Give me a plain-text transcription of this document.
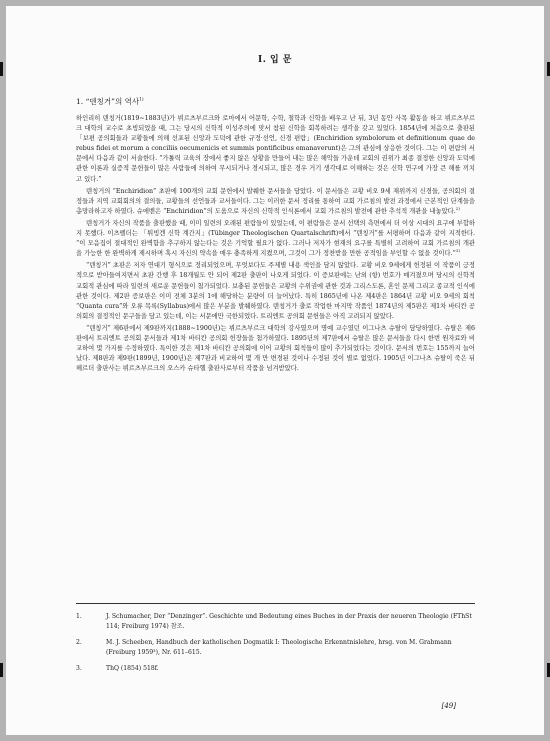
I. 입 문
1. “덴칭거”의 역사$^{1)}$

하인리히 덴칭거(1819~1883년)가 뷔르츠부르크와 로마에서 어문학, 수학, 철학과 신학을 배우고 난 뒤, 3년 동안 사목 활동을 하고 뷔르츠부르크 대학의 교수로 초빙되었을 때, 그는 당시의 신학적 이성주의에 맞서 참된 신학을 회복하려는 생각을 갖고 있었다. 1854년에 처음으로 출판된 「보편 공의회들과 교황들에 의해 선포된 신앙과 도덕에 관한 규정·선언, 신경 편람」(Enchiridion symbolorum et definitionum quae de rebus fidei et morum a conciliis oecumenicis et summis pontificibus emanaverunt)은 그의 관심에 상응한 것이다. 그는 이 편람의 서문에서 다음과 같이 서술한다. “가톨릭 교육의 장에서 좋지 않은 상황을 만들어 내는 많은 해악들 가운데 교회의 권위가 최종 결정한 신앙과 도덕에 관한 이론과 실증적 문헌들이 많은 사람들에 의하여 무시되거나 경시되고, 많은 경우 거기 생각대로 이해하는 것은 신학 연구에 가장 큰 해를 끼치고 있다.”

덴칭거의 “Enchiridion” 초판에 100개의 교회 문헌에서 발췌한 문서들을 담았다. 이 문서들은 교황 비오 9세 재위까지 신경들, 공의회의 결정들과 지역 교회회의의 결의들, 교황들의 선언들과 교서들이다. 그는 이러한 문서 정리를 통하여 교회 가르침의 발전 과정에서 근본적인 단계들을 총망라하고자 하였다. 슈에벤은 “Enchiridion”의 도움으로 자신의 신학적 인식론에서 교회 가르침의 발전에 관한 추석적 개관을 내놓았다.$^{2)}$

덴칭거가 자신의 작품을 출판했을 때, 이미 일련의 오래된 편람들이 있었는데, 이 편람들은 문서 선택의 측면에서 더 이상 시대의 요구에 부합하지 못했다. 이츠펠더는 「튀빙겐 신학 계간지」(Tübinger Theologischen Quartalschrift)에서 “덴칭거”를 서평하며 다음과 같이 지적한다. “이 모음집이 절대적인 완벽함을 추구하지 않는다는 것은 기억할 필요가 없다. 그러나 저자가 현재의 요구를 특별히 고려하여 교회 가르침의 개관을 가능한 한 완벽하게 제시하며 혹시 자신의 약속을 매우 충족하게 지켰으며, 그것이 그가 정찬받을 만한 공적임을 부인할 수 없을 것이다.”$^{3)}$

“덴칭거” 초판은 저자 연대기 형식으로 정리되었으며, 무엇보다도 주제별 내용 색인을 담지 않았다. 교황 비오 9세에게 헌정된 이 작품이 긍정적으로 받아들여지면서 초판 간행 후 18개월도 안 되어 제2판 출판이 나오게 되었다. 이 증보판에는 난외 (항) 번호가 매겨졌으며 당시의 신학적 교회적 관심에 따라 일련의 새로운 문헌들이 첨가되었다. 보충된 문헌들은 교황의 수위권에 관한 것과 그리스도론, 혼인 문제 그리고 종교적 인식에 관한 것이다. 제2판 증보판은 이미 전체 3분의 1에 해당하는 분량이 더 늘어났다. 특히 1865년에 나온 제4판은 1864년 교황 비오 9세의 회칙 “Quanta cura”와 오류 목록(Syllabus)에서 많은 부분을 발췌하였다. 덴칭거가 출로 작업한 마지막 작품인 1874년의 제5판은 제1차 바티칸 공의회의 결정적인 문구들을 담고 있는데, 이는 서문에만 국한되었다. 트리엔트 공의회 문헌들은 아직 고려되지 않았다.

“덴칭거” 제6판에서 제9판까지(1888~1900년)는 뷔르츠부르크 대학의 강사였으며 명예 교수였던 이그나츠 슈탈이 담당하였다. 슈탈은 제6판에서 트리엔트 공의회 문서들과 제1차 바티칸 공의회 헌장들을 첨가하였다. 1895년의 제7판에서 슈탈은 많은 문서들을 다시 한번 원자료와 비교하여 몇 가지를 수정하였다. 특이한 것은 제1차 바티칸 공의회에 이어 교황의 회칙들이 많이 추가되었다는 것이다. 문서의 번호는 155까지 늘어났다. 제8판과 제9판(1899년, 1900년)은 제7판과 비교하여 몇 개 만 변경된 것이나 수정된 것이 별로 없었다. 1905년 이그나츠 슈탈이 죽은 뒤 헤르더 출판사는 뷔르츠부르크의 오스카 슈타헬 출판사로부터 작품을 넘겨받았다.

1.	J. Schumacher, Der “Denzinger”. Geschichte und Bedeutung eines Buches in der Praxis der neueren Theologie (FThSt 114; Freiburg 1974) 참조.
2.	M. J. Scheeben, Handbuch der katholischen Dogmatik I: Theologische Erkenntnislehre, hrsg. von M. Grabmann (Freiburg 1959³), Nr. 611–615.
3.	ThQ (1854) 518f.
[49]
